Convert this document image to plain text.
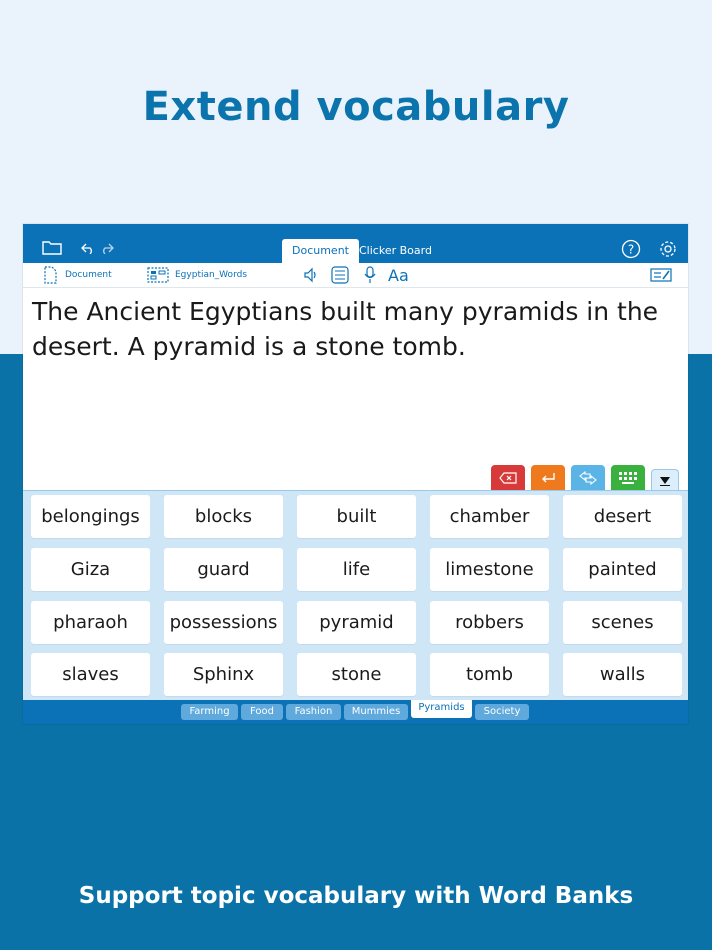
Extend vocabulary
Document Clicker Board	?
Document	Egyptian_Words	Aa
The Ancient Egyptians built many pyramids in the desert. A pyramid is a stone tomb.
belongings	blocks	built	chamber	desert
Giza	guard	life	limestone	painted
pharaoh	possessions	pyramid	robbers	scenes
slaves	Sphinx	stone	tomb	walls
Farming	Food	Fashion	Mummies	Pyramids	Society
Support topic vocabulary with Word Banks
